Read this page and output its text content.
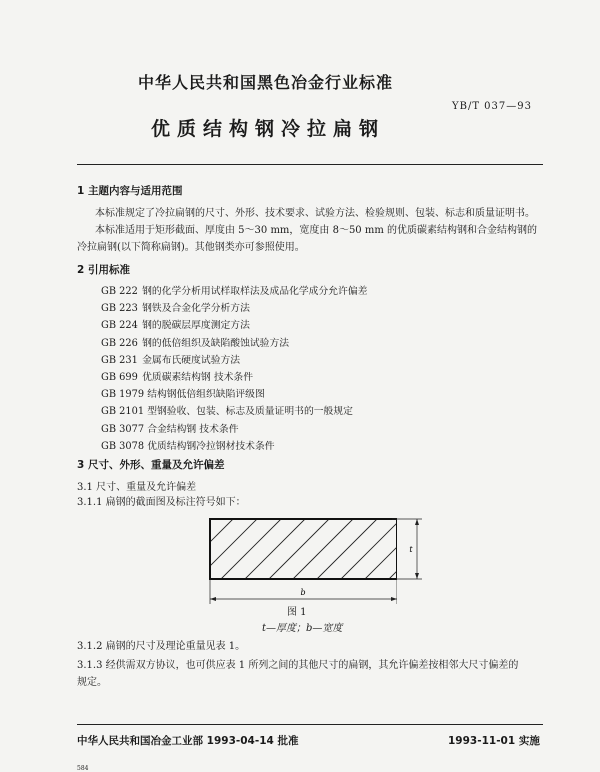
中华人民共和国黑色冶金行业标准
YB/T 037—93
优质结构钢冷拉扁钢
1 主题内容与适用范围
本标准规定了冷拉扁钢的尺寸、外形、技术要求、试验方法、检验规则、包装、标志和质量证明书。
本标准适用于矩形截面、厚度由 5～30 mm，宽度由 8～50 mm 的优质碳素结构钢和合金结构钢的
冷拉扁钢(以下简称扁钢)。其他钢类亦可参照使用。
2 引用标准
GB 222 钢的化学分析用试样取样法及成品化学成分允许偏差
GB 223 钢铁及合金化学分析方法
GB 224 钢的脱碳层厚度测定方法
GB 226 钢的低倍组织及缺陷酸蚀试验方法
GB 231 金属布氏硬度试验方法
GB 699 优质碳素结构钢 技术条件
GB 1979 结构钢低倍组织缺陷评级图
GB 2101 型钢验收、包装、标志及质量证明书的一般规定
GB 3077 合金结构钢 技术条件
GB 3078 优质结构钢冷拉钢材技术条件
3 尺寸、外形、重量及允许偏差
3.1 尺寸、重量及允许偏差
3.1.1 扁钢的截面图及标注符号如下：
b
t
图 1
t—厚度；b—宽度
3.1.2 扁钢的尺寸及理论重量见表 1。
3.1.3 经供需双方协议，也可供应表 1 所列之间的其他尺寸的扁钢，其允许偏差按相邻大尺寸偏差的
规定。
中华人民共和国冶金工业部 1993-04-14 批准	1993-11-01 实施
584
